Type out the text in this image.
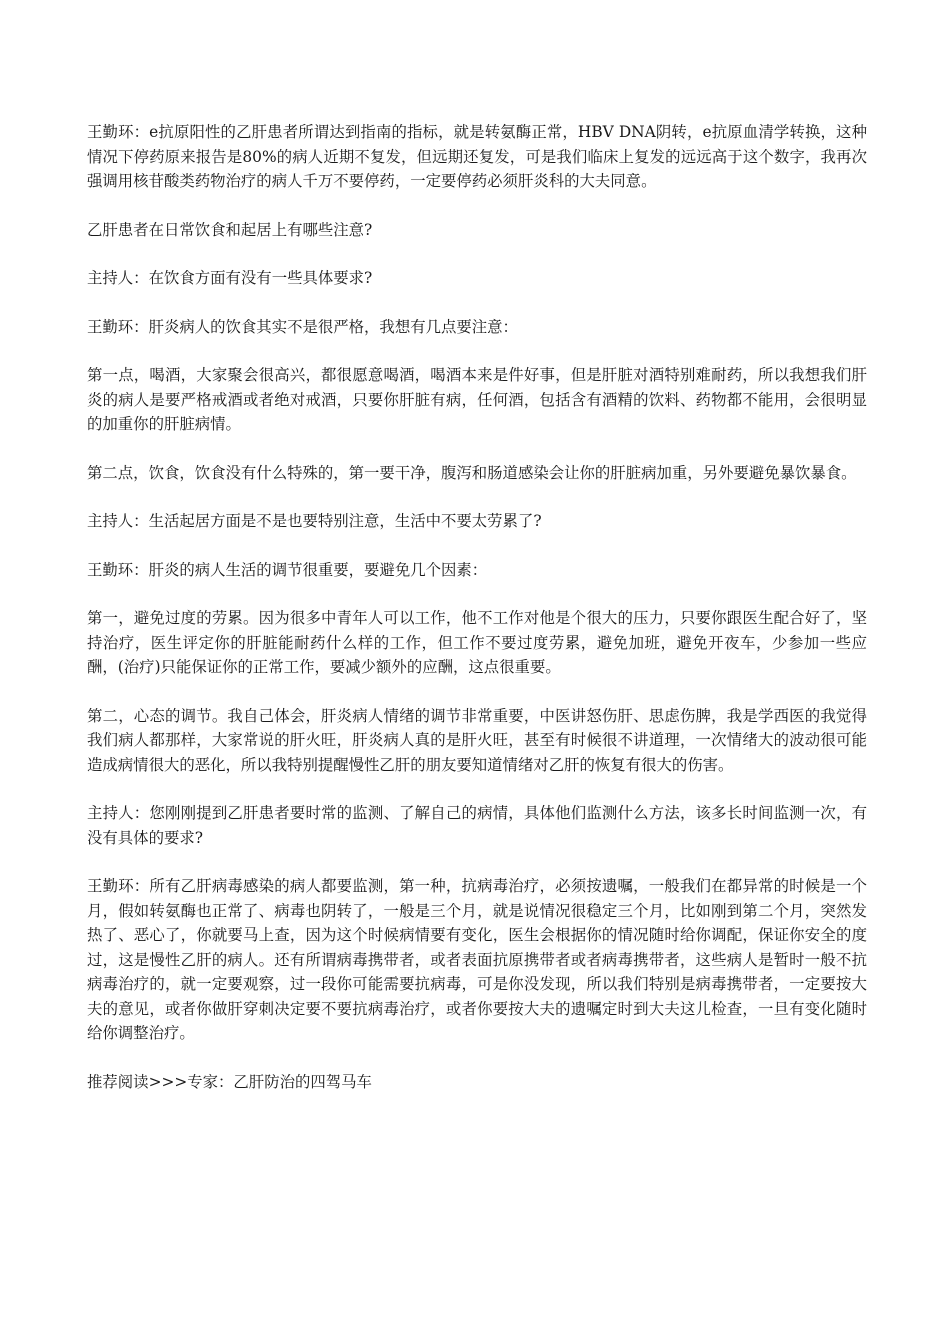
王勤环：e抗原阳性的乙肝患者所谓达到指南的指标，就是转氨酶正常，HBV DNA阴转，e抗原血清学转换，这种情况下停药原来报告是80%的病人近期不复发，但远期还复发，可是我们临床上复发的远远高于这个数字，我再次强调用核苷酸类药物治疗的病人千万不要停药，一定要停药必须肝炎科的大夫同意。

乙肝患者在日常饮食和起居上有哪些注意?

主持人：在饮食方面有没有一些具体要求?

王勤环：肝炎病人的饮食其实不是很严格，我想有几点要注意：

第一点，喝酒，大家聚会很高兴，都很愿意喝酒，喝酒本来是件好事，但是肝脏对酒特别难耐药，所以我想我们肝炎的病人是要严格戒酒或者绝对戒酒，只要你肝脏有病，任何酒，包括含有酒精的饮料、药物都不能用，会很明显的加重你的肝脏病情。

第二点，饮食，饮食没有什么特殊的，第一要干净，腹泻和肠道感染会让你的肝脏病加重，另外要避免暴饮暴食。

主持人：生活起居方面是不是也要特别注意，生活中不要太劳累了?

王勤环：肝炎的病人生活的调节很重要，要避免几个因素：

第一，避免过度的劳累。因为很多中青年人可以工作，他不工作对他是个很大的压力，只要你跟医生配合好了，坚持治疗，医生评定你的肝脏能耐药什么样的工作，但工作不要过度劳累，避免加班，避免开夜车，少参加一些应酬，(治疗)只能保证你的正常工作，要减少额外的应酬，这点很重要。

第二，心态的调节。我自己体会，肝炎病人情绪的调节非常重要，中医讲怒伤肝、思虑伤脾，我是学西医的我觉得我们病人都那样，大家常说的肝火旺，肝炎病人真的是肝火旺，甚至有时候很不讲道理，一次情绪大的波动很可能造成病情很大的恶化，所以我特别提醒慢性乙肝的朋友要知道情绪对乙肝的恢复有很大的伤害。

主持人：您刚刚提到乙肝患者要时常的监测、了解自己的病情，具体他们监测什么方法，该多长时间监测一次，有没有具体的要求?

王勤环：所有乙肝病毒感染的病人都要监测，第一种，抗病毒治疗，必须按遗嘱，一般我们在都异常的时候是一个月，假如转氨酶也正常了、病毒也阴转了，一般是三个月，就是说情况很稳定三个月，比如刚到第二个月，突然发热了、恶心了，你就要马上查，因为这个时候病情要有变化，医生会根据你的情况随时给你调配，保证你安全的度过，这是慢性乙肝的病人。还有所谓病毒携带者，或者表面抗原携带者或者病毒携带者，这些病人是暂时一般不抗病毒治疗的，就一定要观察，过一段你可能需要抗病毒，可是你没发现，所以我们特别是病毒携带者，一定要按大夫的意见，或者你做肝穿刺决定要不要抗病毒治疗，或者你要按大夫的遗嘱定时到大夫这儿检查，一旦有变化随时给你调整治疗。

推荐阅读>>>专家：乙肝防治的四驾马车
